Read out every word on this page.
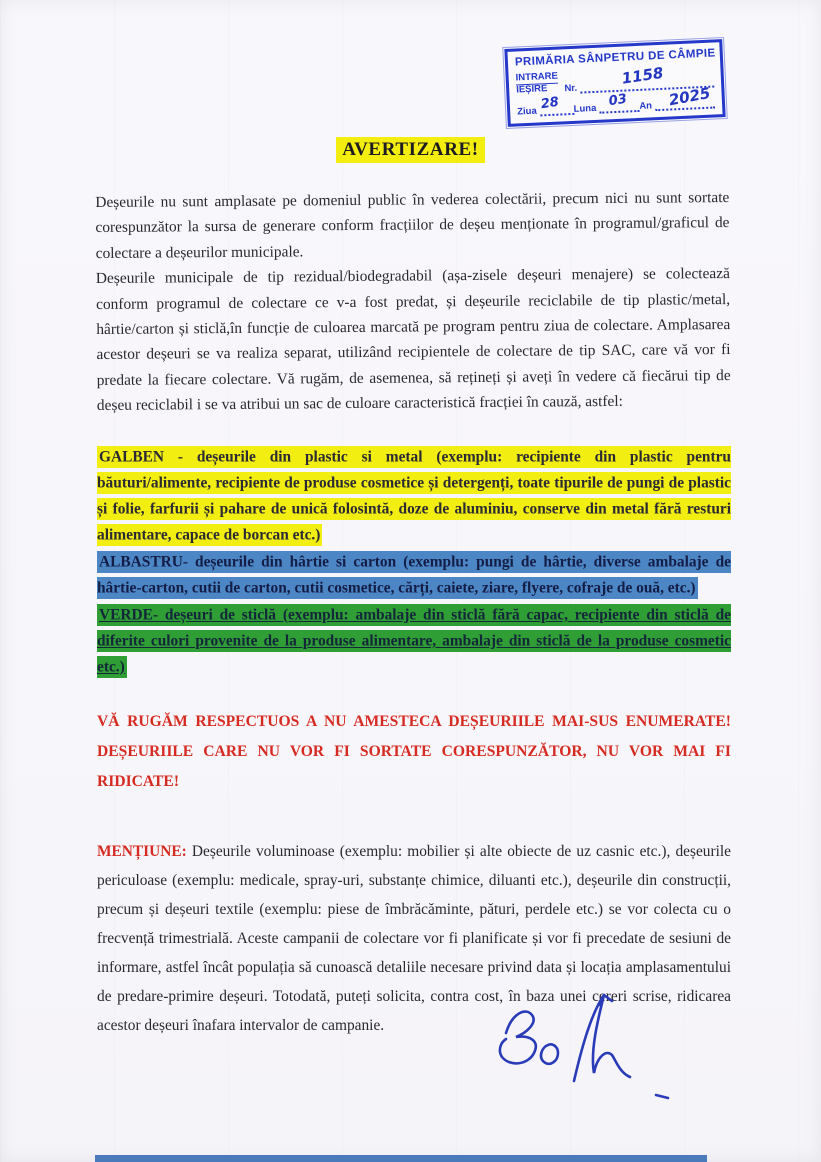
PRIMĂRIA SÂNPETRU DE CÂMPIE
INTRARE
IEȘIRE	Nr.
1158
Ziua 28 Luna 03 An 2025
AVERTIZARE!

Deșeurile nu sunt amplasate pe domeniul public în vederea colectării, precum nici nu sunt sortate corespunzător la sursa de generare conform fracțiilor de deșeu menționate în programul/graficul de colectare a deșeurilor municipale.

Deșeurile municipale de tip rezidual/biodegradabil (așa-zisele deșeuri menajere) se colectează conform programul de colectare ce v-a fost predat, și deșeurile reciclabile de tip plastic/metal, hârtie/carton și sticlă,în funcție de culoarea marcată pe program pentru ziua de colectare. Amplasarea acestor deșeuri se va realiza separat, utilizând recipientele de colectare de tip SAC, care vă vor fi predate la fiecare colectare. Vă rugăm, de asemenea, să rețineți și aveți în vedere că fiecărui tip de deșeu reciclabil i se va atribui un sac de culoare caracteristică fracției în cauză, astfel:

GALBEN - deșeurile din plastic si metal (exemplu: recipiente din plastic pentru băuturi/alimente, recipiente de produse cosmetice și detergenți, toate tipurile de pungi de plastic și folie, farfurii și pahare de unică folosintă, doze de aluminiu, conserve din metal fără resturi alimentare, capace de borcan etc.)

ALBASTRU- deșeurile din hârtie si carton (exemplu: pungi de hârtie, diverse ambalaje de hârtie-carton, cutii de carton, cutii cosmetice, cărți, caiete, ziare, flyere, cofraje de ouă, etc.)

VERDE- deșeuri de sticlă (exemplu: ambalaje din sticlă fără capac, recipiente din sticlă de diferite culori provenite de la produse alimentare, ambalaje din sticlă de la produse cosmetic etc.)

VĂ RUGĂM RESPECTUOS A NU AMESTECA DEȘEURIILE MAI-SUS ENUMERATE! DEȘEURIILE CARE NU VOR FI SORTATE CORESPUNZĂTOR, NU VOR MAI FI RIDICATE!

MENȚIUNE: Deșeurile voluminoase (exemplu: mobilier și alte obiecte de uz casnic etc.), deșeurile periculoase (exemplu: medicale, spray-uri, substanțe chimice, diluanti etc.), deșeurile din construcții, precum și deșeuri textile (exemplu: piese de îmbrăcăminte, pături, perdele etc.) se vor colecta cu o frecvență trimestrială. Aceste campanii de colectare vor fi planificate și vor fi precedate de sesiuni de informare, astfel încât populația să cunoască detaliile necesare privind data și locația amplasamentului de predare-primire deșeuri. Totodată, puteți solicita, contra cost, în baza unei cereri scrise, ridicarea acestor deșeuri înafara intervalor de campanie.
